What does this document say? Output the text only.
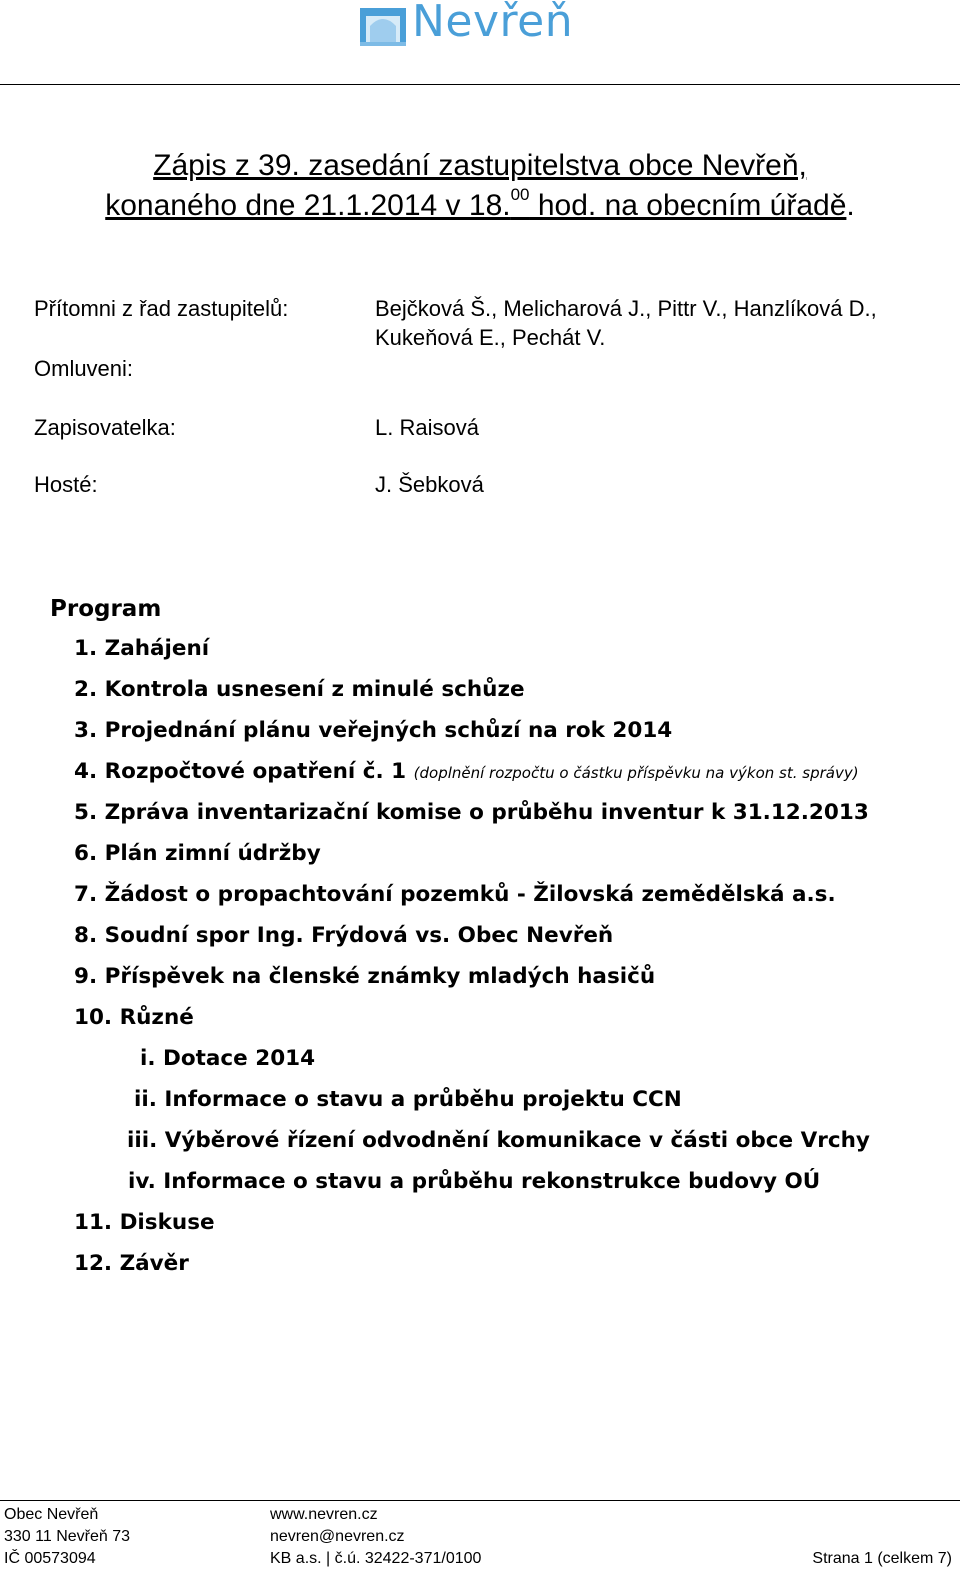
Nevřeň
Zápis z 39. zasedání zastupitelstva obce Nevřeň,
konaného dne 21.1.2014 v 18.00 hod. na obecním úřadě.
Přítomni z řad zastupitelů:	Bejčková Š., Melicharová J., Pittr V., Hanzlíková D.,
Kukeňová E., Pechát V.
Omluveni:
Zapisovatelka:	L. Raisová
Hosté:	J. Šebková
Program
1. Zahájení
2. Kontrola usnesení z minulé schůze
3. Projednání plánu veřejných schůzí na rok 2014
4. Rozpočtové opatření č. 1 (doplnění rozpočtu o částku příspěvku na výkon st. správy)
5. Zpráva inventarizační komise o průběhu inventur k 31.12.2013
6. Plán zimní údržby
7. Žádost o propachtování pozemků - Žilovská zemědělská a.s.
8. Soudní spor Ing. Frýdová vs. Obec Nevřeň
9. Příspěvek na členské známky mladých hasičů
10. Různé
i. Dotace 2014
ii. Informace o stavu a průběhu projektu CCN
iii. Výběrové řízení odvodnění komunikace v části obce Vrchy
iv. Informace o stavu a průběhu rekonstrukce budovy OÚ
11. Diskuse
12. Závěr
Obec Nevřeň
330 11 Nevřeň 73
IČ 00573094
www.nevren.cz
nevren@nevren.cz
KB a.s. | č.ú. 32422-371/0100	Strana 1 (celkem 7)
